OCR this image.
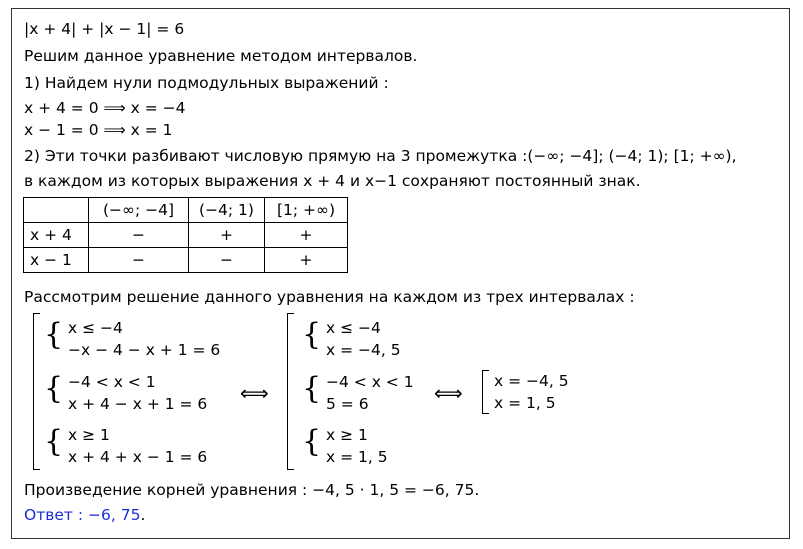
|x + 4| + |x − 1| = 6
Решим данное уравнение методом интервалов.
1) Найдем нули подмодульных выражений :
x + 4 = 0 ⟹ x = −4
x − 1 = 0 ⟹ x = 1
2) Эти точки разбивают числовую прямую на 3 промежутка :(−∞; −4]; (−4; 1); [1; +∞),
в каждом из которых выражения x + 4 и x−1 сохраняют постоянный знак.
	(−∞; −4]	(−4; 1)	[1; +∞)
x + 4	−	+	+
x − 1	−	−	+
Рассмотрим решение данного уравнения на каждом из трех интервалах :
{ x ≤ −4
−x − 4 − x + 1 = 6
{ −4 < x < 1
x + 4 − x + 1 = 6
{ x ≥ 1
x + 4 + x − 1 = 6
⟺
{ x ≤ −4
x = −4, 5
{ −4 < x < 1
5 = 6
{ x ≥ 1
x = 1, 5
⟺ x = −4, 5
x = 1, 5
Произведение корней уравнения : −4, 5 · 1, 5 = −6, 75.
Ответ : −6, 75.
